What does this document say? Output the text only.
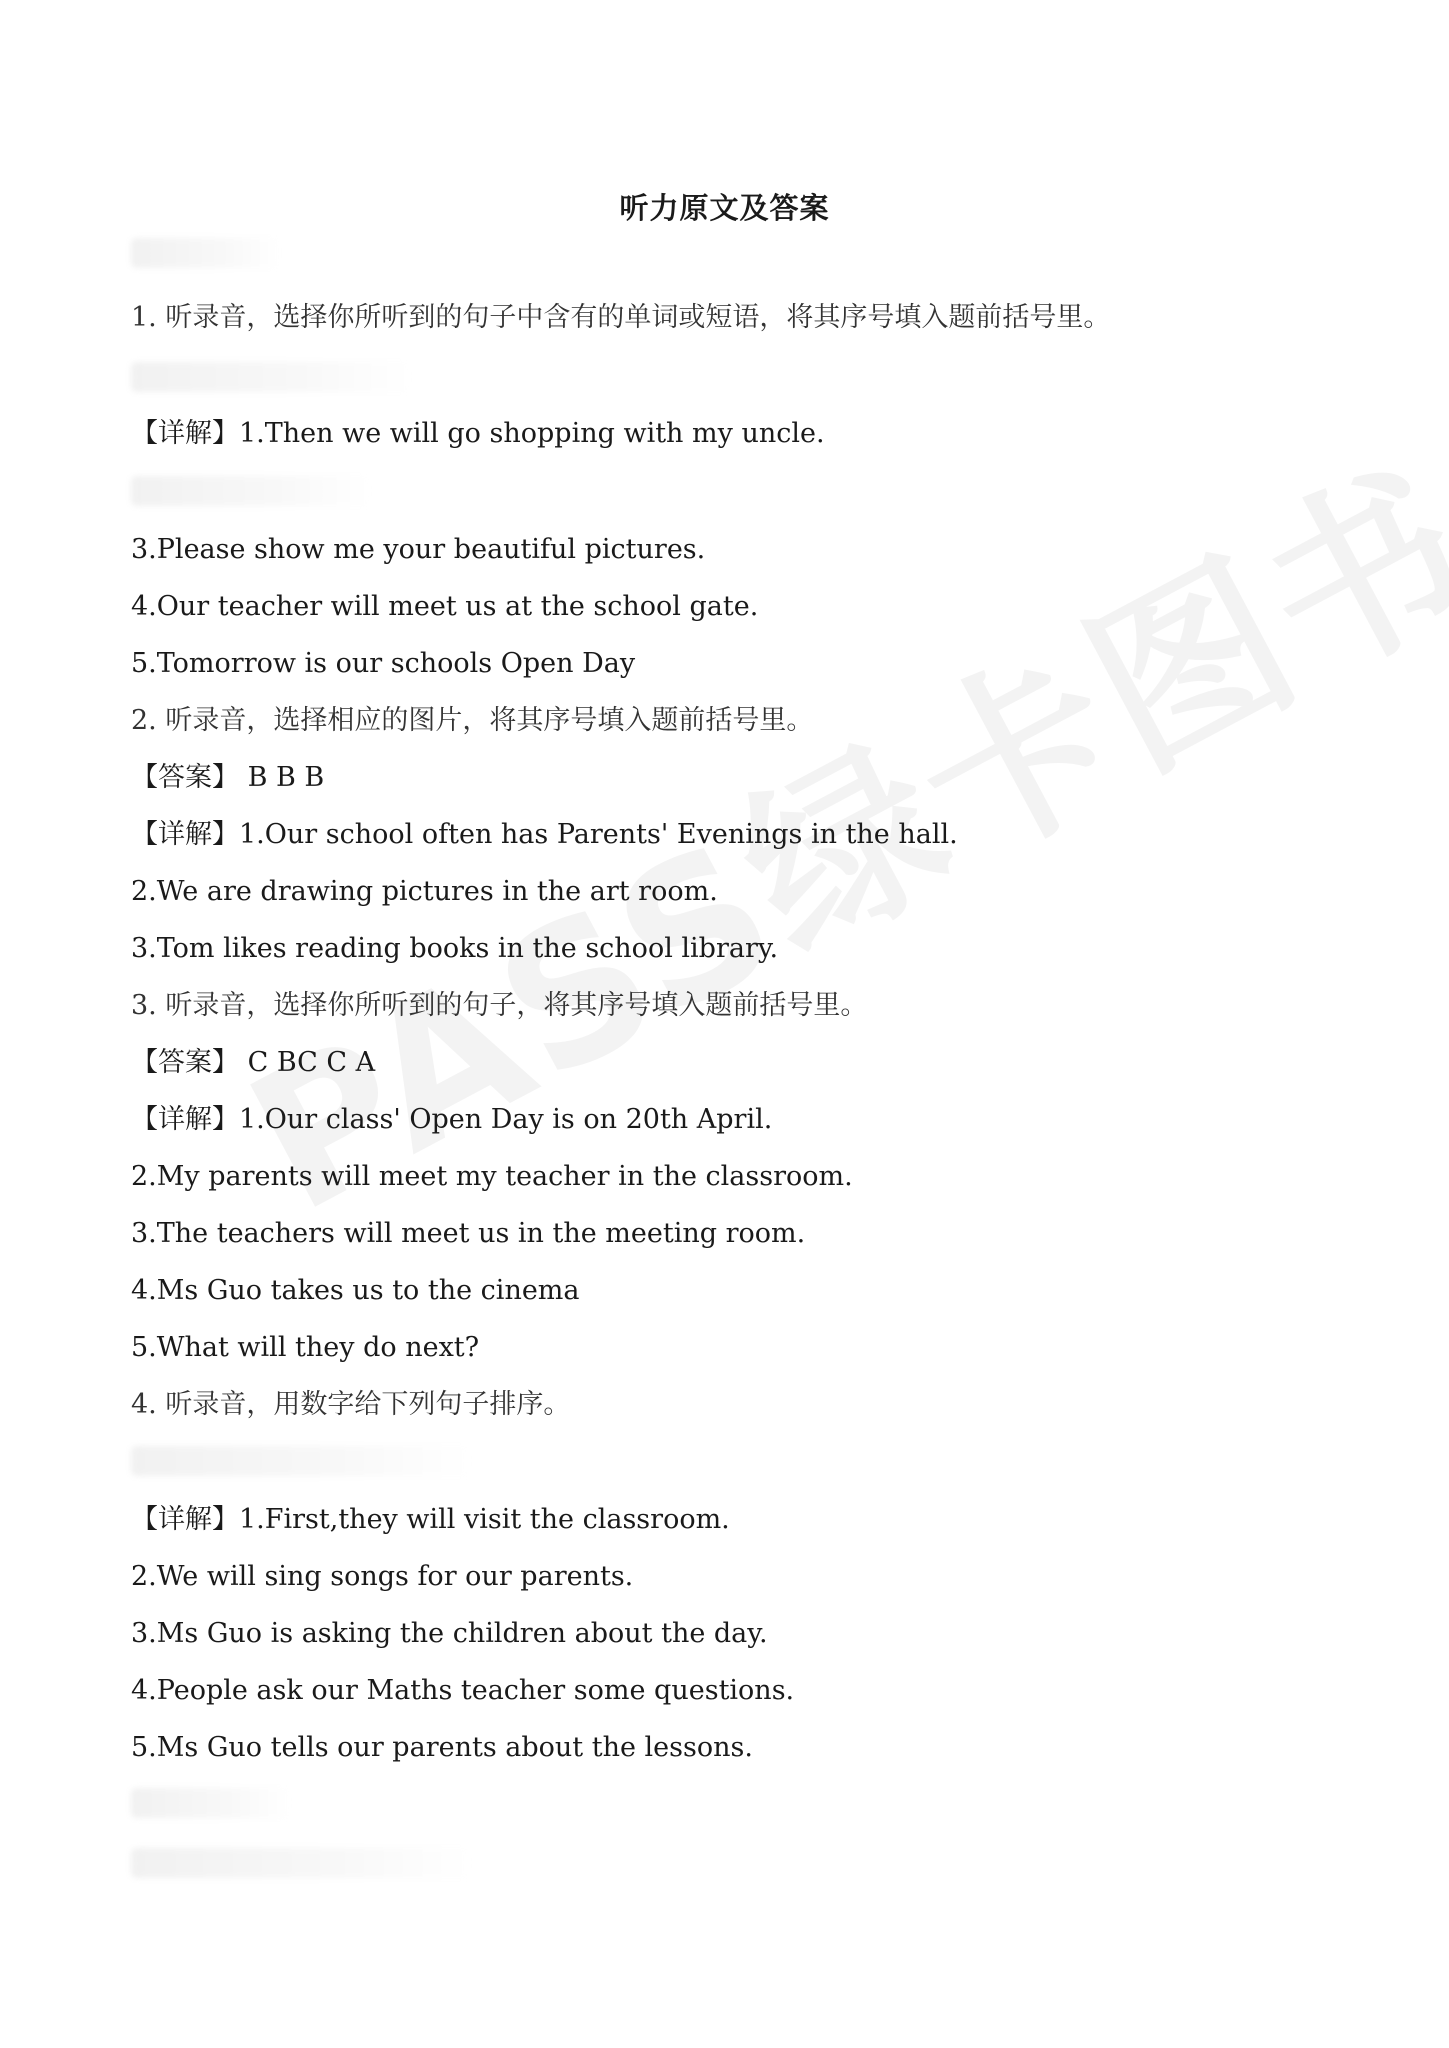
听力原文及答案
1. 听录音，选择你所听到的句子中含有的单词或短语，将其序号填入题前括号里。
【详解】1.Then we will go shopping with my uncle.
3.Please show me your beautiful pictures.
4.Our teacher will meet us at the school gate.
5.Tomorrow is our schools Open Day
2. 听录音，选择相应的图片，将其序号填入题前括号里。
【答案】 B B B
【详解】1.Our school often has Parents' Evenings in the hall.
2.We are drawing pictures in the art room.
3.Tom likes reading books in the school library.
3. 听录音，选择你所听到的句子，将其序号填入题前括号里。
【答案】 C BC C A
【详解】1.Our class' Open Day is on 20th April.
2.My parents will meet my teacher in the classroom.
3.The teachers will meet us in the meeting room.
4.Ms Guo takes us to the cinema
5.What will they do next?
4. 听录音，用数字给下列句子排序。
【详解】1.First,they will visit the classroom.
2.We will sing songs for our parents.
3.Ms Guo is asking the children about the day.
4.People ask our Maths teacher some questions.
5.Ms Guo tells our parents about the lessons.
